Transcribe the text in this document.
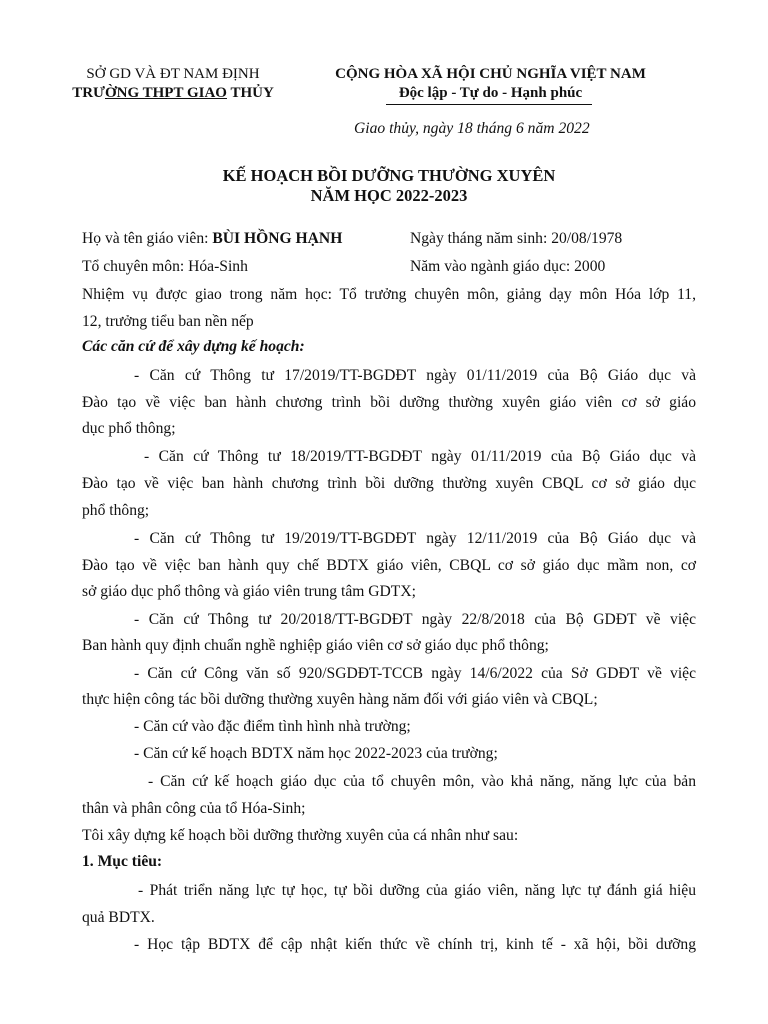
SỞ GD VÀ ĐT NAM ĐỊNH
TRƯỜNG THPT GIAO THỦY
CỘNG HÒA XÃ HỘI CHỦ NGHĨA VIỆT NAM
Độc lập - Tự do - Hạnh phúc
Giao thủy, ngày 18 tháng 6 năm 2022
KẾ HOẠCH BỒI DƯỠNG THƯỜNG XUYÊN
NĂM HỌC 2022-2023
Họ và tên giáo viên: BÙI HỒNG HẠNH	Ngày tháng năm sinh: 20/08/1978
Tổ chuyên môn: Hóa-Sinh	Năm vào ngành giáo dục: 2000
Nhiệm vụ được giao trong năm học: Tổ trưởng chuyên môn, giảng dạy môn Hóa lớp 11,
12, trưởng tiểu ban nền nếp
Các căn cứ để xây dựng kế hoạch:
- Căn cứ Thông tư 17/2019/TT-BGDĐT ngày 01/11/2019 của Bộ Giáo dục và
Đào tạo về việc ban hành chương trình bồi dưỡng thường xuyên giáo viên cơ sở giáo
dục phổ thông;
- Căn cứ Thông tư 18/2019/TT-BGDĐT ngày 01/11/2019 của Bộ Giáo dục và
Đào tạo về việc ban hành chương trình bồi dưỡng thường xuyên CBQL cơ sở giáo dục
phổ thông;
- Căn cứ Thông tư 19/2019/TT-BGDĐT ngày 12/11/2019 của Bộ Giáo dục và
Đào tạo về việc ban hành quy chế BDTX giáo viên, CBQL cơ sở giáo dục mầm non, cơ
sở giáo dục phổ thông và giáo viên trung tâm GDTX;
- Căn cứ Thông tư 20/2018/TT-BGDĐT ngày 22/8/2018 của Bộ GDĐT về việc
Ban hành quy định chuẩn nghề nghiệp giáo viên cơ sở giáo dục phổ thông;
- Căn cứ Công văn số 920/SGDĐT-TCCB ngày 14/6/2022 của Sở GDĐT về việc
thực hiện công tác bồi dưỡng thường xuyên hàng năm đối với giáo viên và CBQL;
- Căn cứ vào đặc điểm tình hình nhà trường;
- Căn cứ kế hoạch BDTX năm học 2022-2023 của trường;
- Căn cứ kế hoạch giáo dục của tổ chuyên môn, vào khả năng, năng lực của bản
thân và phân công của tổ Hóa-Sinh;
Tôi xây dựng kế hoạch bồi dưỡng thường xuyên của cá nhân như sau:
1. Mục tiêu:
- Phát triển năng lực tự học, tự bồi dưỡng của giáo viên, năng lực tự đánh giá hiệu
quả BDTX.
- Học tập BDTX để cập nhật kiến thức về chính trị, kinh tế - xã hội, bồi dưỡng
